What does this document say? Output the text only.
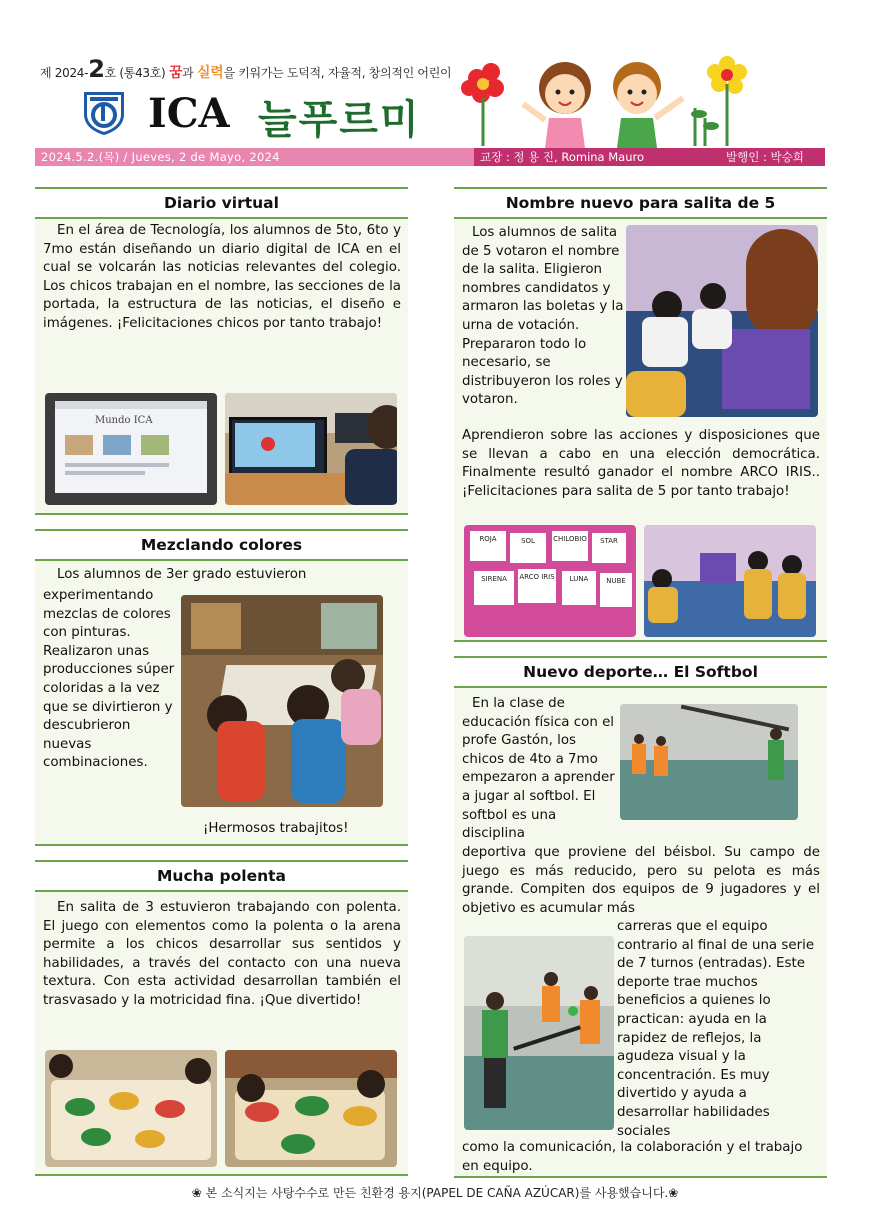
제 2024-2호 (통43호) 꿈과 실력을 키워가는 도덕적, 자율적, 창의적인 어린이
ICA 늘푸르미
2024.5.2.(목) / Jueves, 2 de Mayo, 2024	교장 : 정 용 진, Romina Mauro	발행인 : 박승희
Diario virtual
En el área de Tecnología, los alumnos de 5to, 6to y 7mo están diseñando un diario digital de ICA en el cual se volcarán las noticias relevantes del colegio. Los chicos trabajan en el nombre, las secciones de la portada, la estructura de las noticias, el diseño e imágenes. ¡Felicitaciones chicos por tanto trabajo!
Mundo ICA
Mezclando colores
Los alumnos de 3er grado estuvieron
experimentando mezclas de colores con pinturas. Realizaron unas producciones súper coloridas a la vez que se divirtieron y descubrieron nuevas combinaciones.
¡Hermosos trabajitos!
Mucha polenta
En salita de 3 estuvieron trabajando con polenta. El juego con elementos como la polenta o la arena permite a los chicos desarrollar sus sentidos y habilidades, a través del contacto con una nueva textura. Con esta actividad desarrollan también el trasvasado y la motricidad fina. ¡Que divertido!
Nombre nuevo para salita de 5
Los alumnos de salita de 5 votaron el nombre de la salita. Eligieron nombres candidatos y armaron las boletas y la urna de votación. Prepararon todo lo necesario, se distribuyeron los roles y votaron.
Aprendieron sobre las acciones y disposiciones que se llevan a cabo en una elección democrática. Finalmente resultó ganador el nombre ARCO IRIS.. ¡Felicitaciones para salita de 5 por tanto trabajo!
ROJA	SOL	CHILOBIO	STAR
SIRENA	ARCO IRIS	LUNA	NUBE
Nuevo deporte… El Softbol
En la clase de educación física con el profe Gastón, los chicos de 4to a 7mo empezaron a aprender a jugar al softbol. El softbol es una disciplina
deportiva que proviene del béisbol. Su campo de juego es más reducido, pero su pelota es más grande. Compiten dos equipos de 9 jugadores y el objetivo es acumular más
carreras que el equipo contrario al final de una serie de 7 turnos (entradas). Este deporte trae muchos beneficios a quienes lo practican: ayuda en la rapidez de reflejos, la agudeza visual y la concentración. Es muy divertido y ayuda a desarrollar habilidades sociales
como la comunicación, la colaboración y el trabajo en equipo.
❀ 본 소식지는 사탕수수로 만든 친환경 용지(PAPEL DE CAÑA AZÚCAR)를 사용했습니다.❀
